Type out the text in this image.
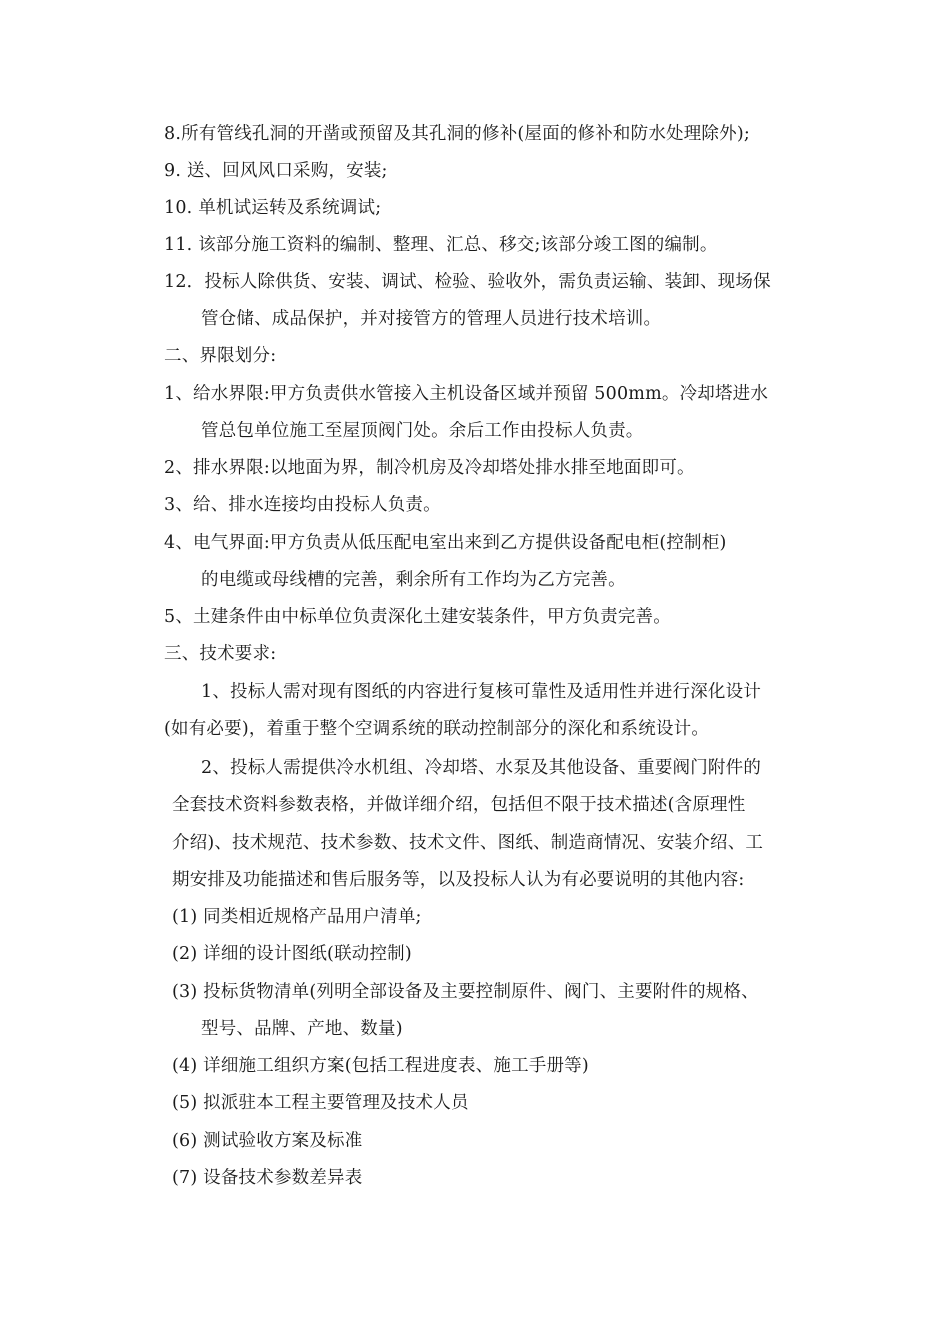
8.所有管线孔洞的开凿或预留及其孔洞的修补(屋面的修补和防水处理除外);
9. 送、回风风口采购，安装;
10. 单机试运转及系统调试;
11. 该部分施工资料的编制、整理、汇总、移交;该部分竣工图的编制。
12．投标人除供货、安装、调试、检验、验收外，需负责运输、装卸、现场保
管仓储、成品保护，并对接管方的管理人员进行技术培训。
二、界限划分:
1、给水界限:甲方负责供水管接入主机设备区域并预留 500mm。冷却塔进水
管总包单位施工至屋顶阀门处。余后工作由投标人负责。
2、排水界限:以地面为界，制冷机房及冷却塔处排水排至地面即可。
3、给、排水连接均由投标人负责。
4、电气界面:甲方负责从低压配电室出来到乙方提供设备配电柜(控制柜)
的电缆或母线槽的完善，剩余所有工作均为乙方完善。
5、土建条件由中标单位负责深化土建安装条件，甲方负责完善。
三、技术要求:
1、投标人需对现有图纸的内容进行复核可靠性及适用性并进行深化设计
(如有必要)，着重于整个空调系统的联动控制部分的深化和系统设计。
2、投标人需提供冷水机组、冷却塔、水泵及其他设备、重要阀门附件的
全套技术资料参数表格，并做详细介绍，包括但不限于技术描述(含原理性
介绍)、技术规范、技术参数、技术文件、图纸、制造商情况、安装介绍、工
期安排及功能描述和售后服务等，以及投标人认为有必要说明的其他内容:
(1) 同类相近规格产品用户清单;
(2) 详细的设计图纸(联动控制)
(3) 投标货物清单(列明全部设备及主要控制原件、阀门、主要附件的规格、
型号、品牌、产地、数量)
(4) 详细施工组织方案(包括工程进度表、施工手册等)
(5) 拟派驻本工程主要管理及技术人员
(6) 测试验收方案及标准
(7) 设备技术参数差异表
